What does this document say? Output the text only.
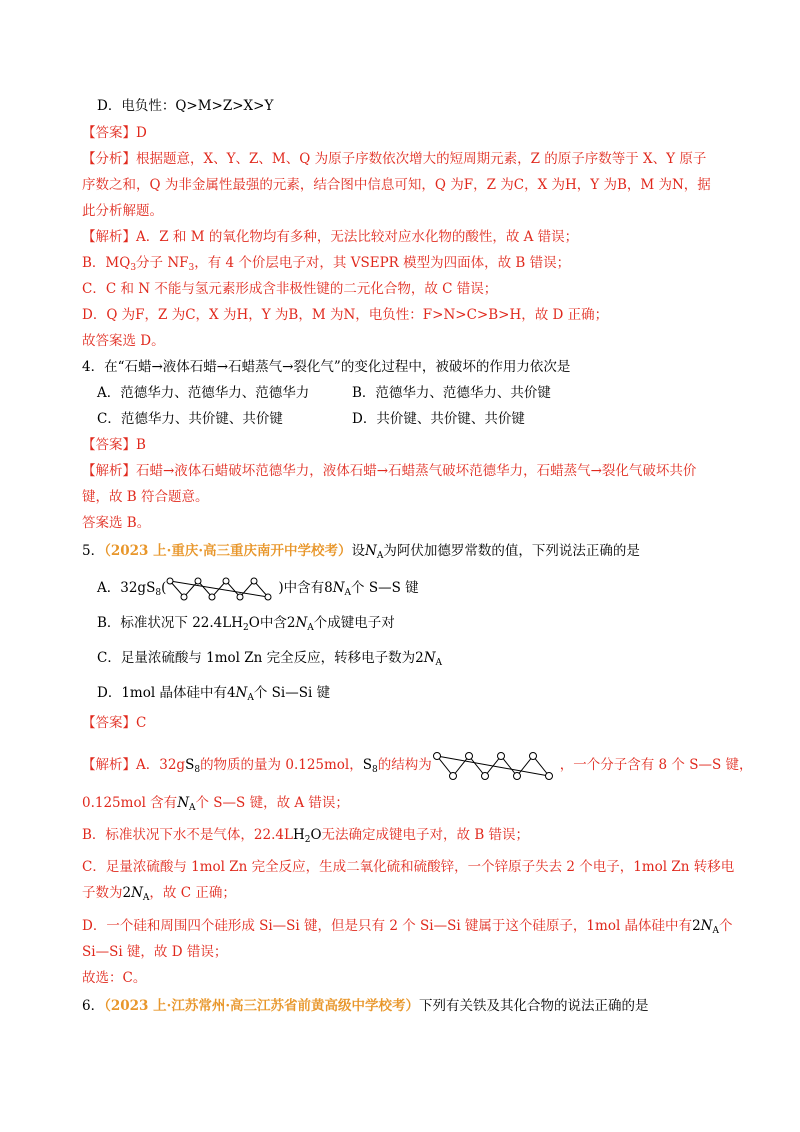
D．电负性：Q>M>Z>X>Y
【答案】D
【分析】根据题意，X、Y、Z、M、Q 为原子序数依次增大的短周期元素，Z 的原子序数等于 X、Y 原子
序数之和，Q 为非金属性最强的元素，结合图中信息可知，Q 为F，Z 为C，X 为H，Y 为B，M 为N，据
此分析解题。
【解析】A．Z 和 M 的氧化物均有多种，无法比较对应水化物的酸性，故 A 错误；
B．$MQ_3$分子 $NF_3$，有 4 个价层电子对，其 VSEPR 模型为四面体，故 B 错误；
C．C 和 N 不能与氢元素形成含非极性键的二元化合物，故 C 错误；
D．Q 为F，Z 为C，X 为H，Y 为B，M 为N，电负性：F>N>C>B>H，故 D 正确；
故答案选 D。
4．在“石蜡→液体石蜡→石蜡蒸气→裂化气”的变化过程中，被破坏的作用力依次是
A．范德华力、范德华力、范德华力	B．范德华力、范德华力、共价键
C．范德华力、共价键、共价键	D．共价键、共价键、共价键
【答案】B
【解析】石蜡→液体石蜡破坏范德华力，液体石蜡→石蜡蒸气破坏范德华力，石蜡蒸气→裂化气破坏共价
键，故 B 符合题意。
答案选 B。
5．（2023 上·重庆·高三重庆南开中学校考）设$N_A$为阿伏加德罗常数的值，下列说法正确的是
A．$32gS_8$(	)中含有$8N_A$个 S—S 键
B．标准状况下 $22.4LH_2O$中含$2N_A$个成键电子对
C．足量浓硫酸与 1mol Zn 完全反应，转移电子数为$2N_A$
D．1mol 晶体硅中有$4N_A$个 Si—Si 键
【答案】C
【解析】A．$32gS_8$的物质的量为 0.125mol，$S_8$的结构为	，一个分子含有 8 个 S—S 键，
0.125mol 含有$N_A$个 S—S 键，故 A 错误；
B．标准状况下水不是气体，$22.4LH_2O$无法确定成键电子对，故 B 错误；
C．足量浓硫酸与 1mol Zn 完全反应，生成二氧化硫和硫酸锌，一个锌原子失去 2 个电子，1mol Zn 转移电
子数为$2N_A$，故 C 正确；
D．一个硅和周围四个硅形成 Si—Si 键，但是只有 2 个 Si—Si 键属于这个硅原子，1mol 晶体硅中有$2N_A$个
Si—Si 键，故 D 错误；
故选：C。
6．（2023 上·江苏常州·高三江苏省前黄高级中学校考）下列有关铁及其化合物的说法正确的是
